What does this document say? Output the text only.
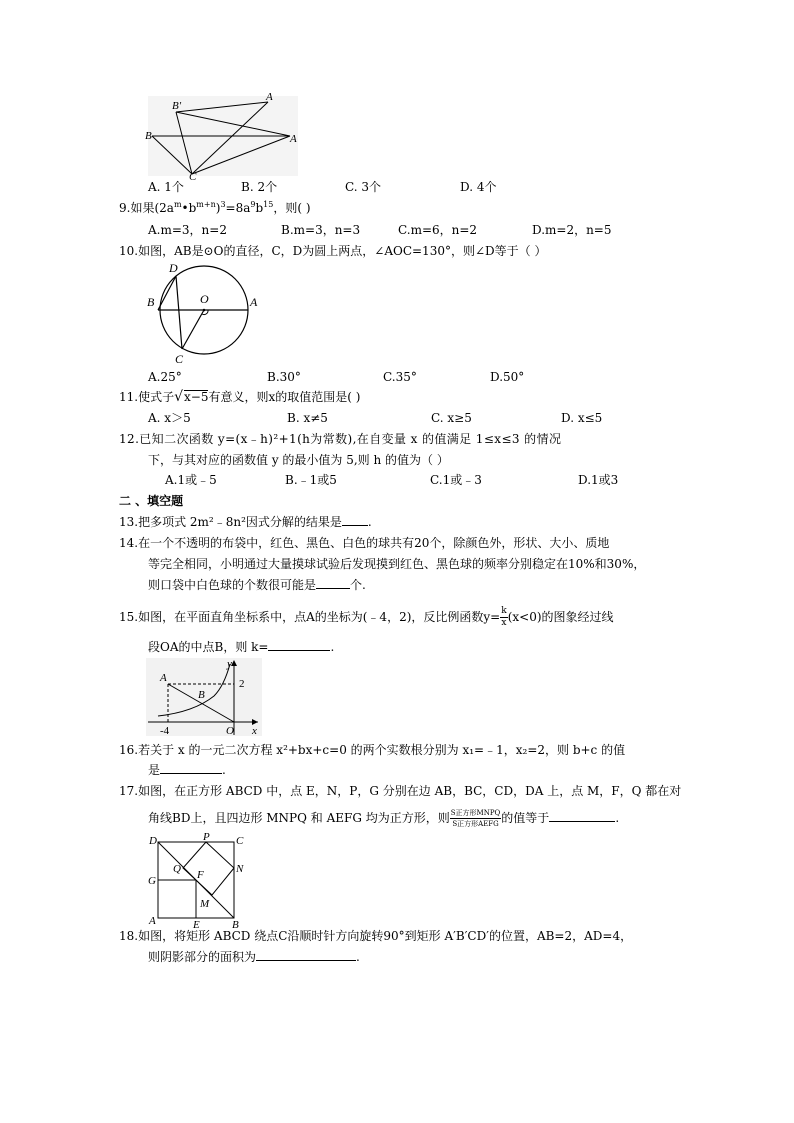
B'
A
B	A
C
A. 1个	B. 2个	C. 3个	D. 4个
9.如果$(2a^m•b^{m+n})^3=8a^9b^{15}$，则( )
A.m=3，n=2	B.m=3，n=3	C.m=6，n=2	D.m=2，n=5
10.如图，AB是⊙O的直径，C，D为圆上两点，∠AOC=130°，则∠D等于（ ）
D
B	O	A
C
A.25°	B.30°	C.35°	D.50°
11.使式子√x−5有意义，则x的取值范围是( )
A. x＞5	B. x≠5	C. x≥5	D. x≤5
12.已知二次函数 y=(x﹣h)²+1(h为常数),在自变量 x 的值满足 1≤x≤3 的情况
下，与其对应的函数值 y 的最小值为 5,则 h 的值为（ ）
A.1或﹣5	B.﹣1或5	C.1或﹣3	D.1或3
二 、填空题
13.把多项式 2m²﹣8n²因式分解的结果是 .
14.在一个不透明的布袋中，红色、黑色、白色的球共有20个，除颜色外，形状、大小、质地
等完全相同，小明通过大量摸球试验后发现摸到红色、黑色球的频率分别稳定在10%和30%，
则口袋中白色球的个数很可能是	个.
15.如图，在平面直角坐标系中，点A的坐标为(﹣4，2)，反比例函数$y= \frac{k}{x} (x<0)$的图象经过线
段OA的中点B，则 k=	.
y
A
B
2
-4	O x
16.若关于 x 的一元二次方程 x²+bx+c=0 的两个实数根分别为 x₁=﹣1，x₂=2，则 b+c 的值
是	.
17.如图，在正方形 ABCD 中，点 E，N，P，G 分别在边 AB，BC，CD，DA 上，点 M，F，Q 都在对
角线BD上，且四边形 MNPQ 和 AEFG 均为正方形，则 $\frac{\text{S正方形MNPQ}}{\text{S正方形AEFG}}$ 的值等于	.
D	P C
G
Q F	N
M
A	E	B
18.如图，将矩形 ABCD 绕点C沿顺时针方向旋转90°到矩形 A′B′CD′的位置，AB=2，AD=4，
则阴影部分的面积为	.
